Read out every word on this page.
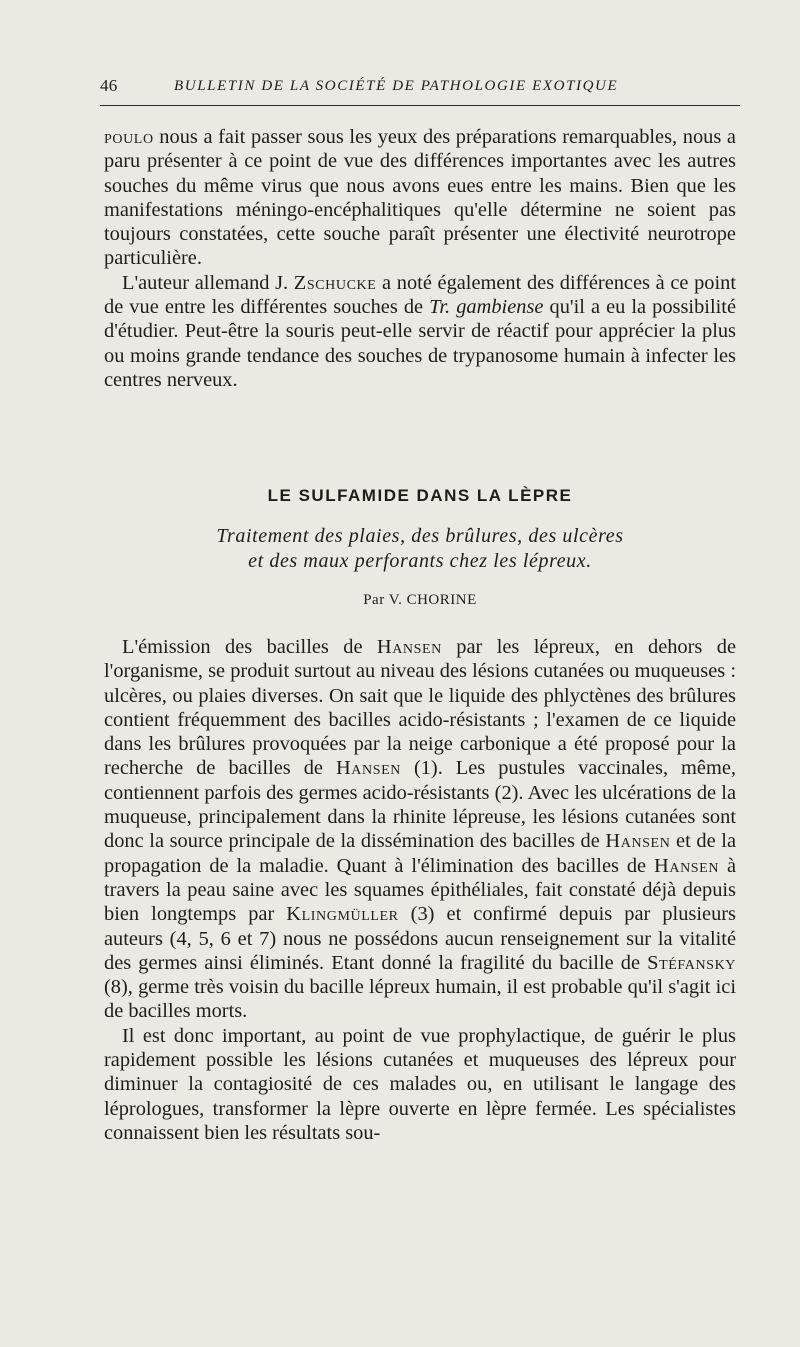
46	BULLETIN DE LA SOCIÉTÉ DE PATHOLOGIE EXOTIQUE

poulo nous a fait passer sous les yeux des préparations remarquables, nous a paru présenter à ce point de vue des différences importantes avec les autres souches du même virus que nous avons eues entre les mains. Bien que les manifestations méningo-encéphalitiques qu'elle détermine ne soient pas toujours constatées, cette souche paraît présenter une électivité neurotrope particulière.

L'auteur allemand J. Zschucke a noté également des différences à ce point de vue entre les différentes souches de Tr. gambiense qu'il a eu la possibilité d'étudier. Peut-être la souris peut-elle servir de réactif pour apprécier la plus ou moins grande tendance des souches de trypanosome humain à infecter les centres nerveux.

LE SULFAMIDE DANS LA LÈPRE
Traitement des plaies, des brûlures, des ulcères
et des maux perforants chez les lépreux.
Par V. CHORINE

L'émission des bacilles de Hansen par les lépreux, en dehors de l'organisme, se produit surtout au niveau des lésions cutanées ou muqueuses : ulcères, ou plaies diverses. On sait que le liquide des phlyctènes des brûlures contient fréquemment des bacilles acido-résistants ; l'examen de ce liquide dans les brûlures provoquées par la neige carbonique a été proposé pour la recherche de bacilles de Hansen (1). Les pustules vaccinales, même, contiennent parfois des germes acido-résistants (2). Avec les ulcérations de la muqueuse, principalement dans la rhinite lépreuse, les lésions cutanées sont donc la source principale de la dissémination des bacilles de Hansen et de la propagation de la maladie. Quant à l'élimination des bacilles de Hansen à travers la peau saine avec les squames épithéliales, fait constaté déjà depuis bien longtemps par Klingmüller (3) et confirmé depuis par plusieurs auteurs (4, 5, 6 et 7) nous ne possédons aucun renseignement sur la vitalité des germes ainsi éliminés. Etant donné la fragilité du bacille de Stéfansky (8), germe très voisin du bacille lépreux humain, il est probable qu'il s'agit ici de bacilles morts.

Il est donc important, au point de vue prophylactique, de guérir le plus rapidement possible les lésions cutanées et muqueuses des lépreux pour diminuer la contagiosité de ces malades ou, en utilisant le langage des léprologues, transformer la lèpre ouverte en lèpre fermée. Les spécialistes connaissent bien les résultats sou-
